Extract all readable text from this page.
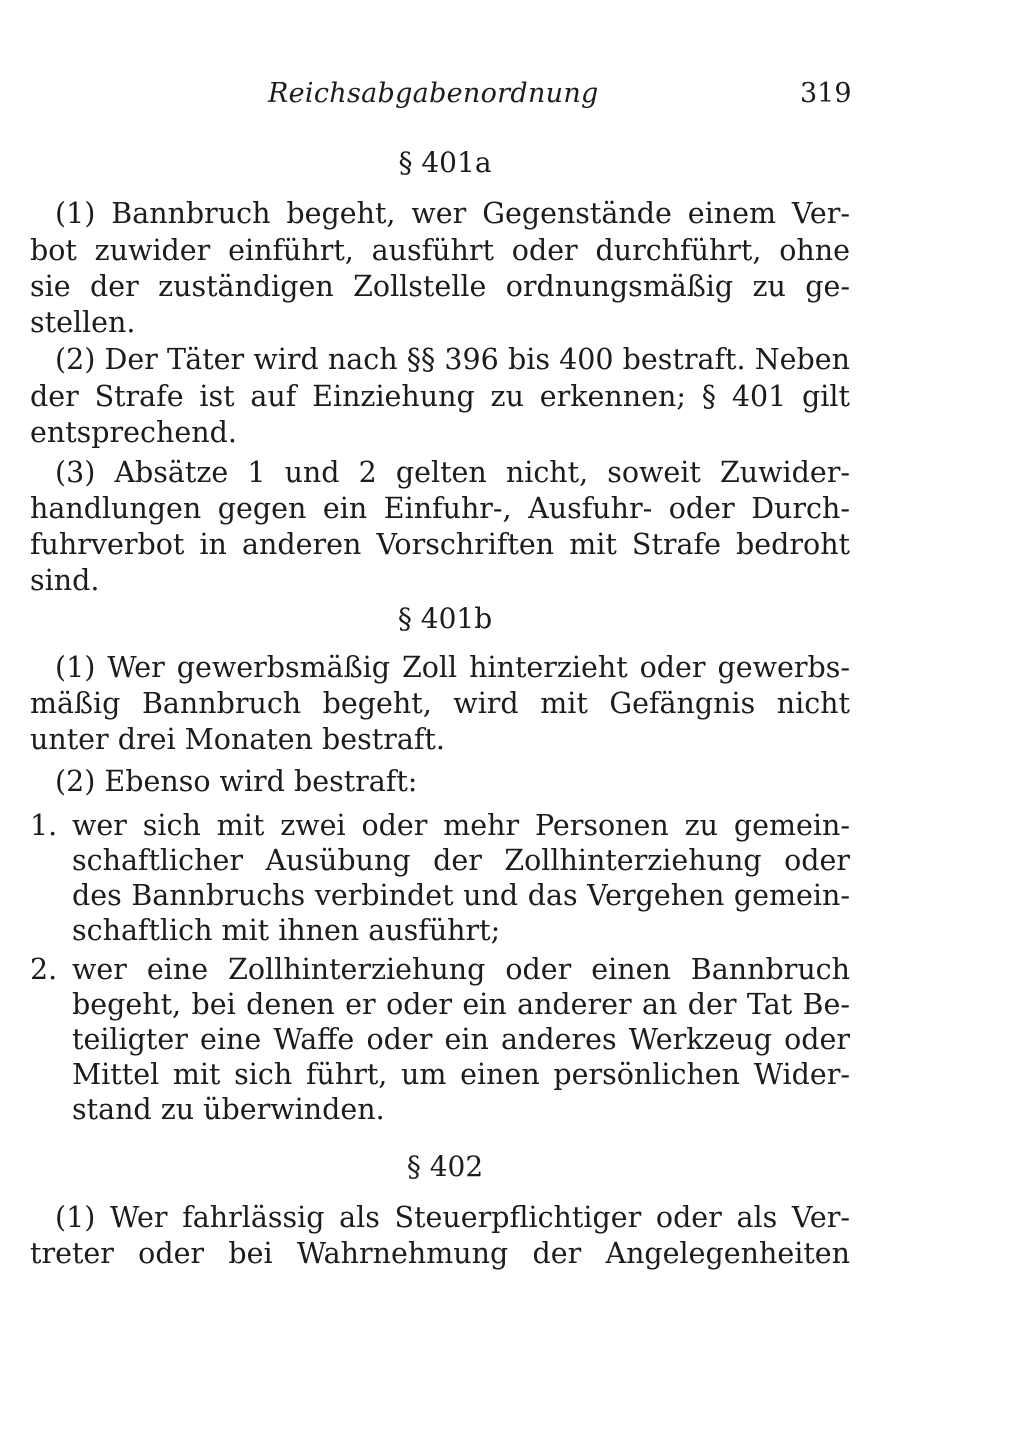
Reichsabgabenordnung	319
§ 401a
(1) Bannbruch begeht, wer Gegenstände einem Ver-
bot zuwider einführt, ausführt oder durchführt, ohne
sie der zuständigen Zollstelle ordnungsmäßig zu ge-
stellen.
(2) Der Täter wird nach §§ 396 bis 400 bestraft. Neben
der Strafe ist auf Einziehung zu erkennen; § 401 gilt
entsprechend.
(3) Absätze 1 und 2 gelten nicht, soweit Zuwider-
handlungen gegen ein Einfuhr-, Ausfuhr- oder Durch-
fuhrverbot in anderen Vorschriften mit Strafe bedroht
sind.
§ 401b
(1) Wer gewerbsmäßig Zoll hinterzieht oder gewerbs-
mäßig Bannbruch begeht, wird mit Gefängnis nicht
unter drei Monaten bestraft.
(2) Ebenso wird bestraft:
1. wer sich mit zwei oder mehr Personen zu gemein-
schaftlicher Ausübung der Zollhinterziehung oder
des Bannbruchs verbindet und das Vergehen gemein-
schaftlich mit ihnen ausführt;
2. wer eine Zollhinterziehung oder einen Bannbruch
begeht, bei denen er oder ein anderer an der Tat Be-
teiligter eine Waffe oder ein anderes Werkzeug oder
Mittel mit sich führt, um einen persönlichen Wider-
stand zu überwinden.
§ 402
(1) Wer fahrlässig als Steuerpflichtiger oder als Ver-
treter oder bei Wahrnehmung der Angelegenheiten
